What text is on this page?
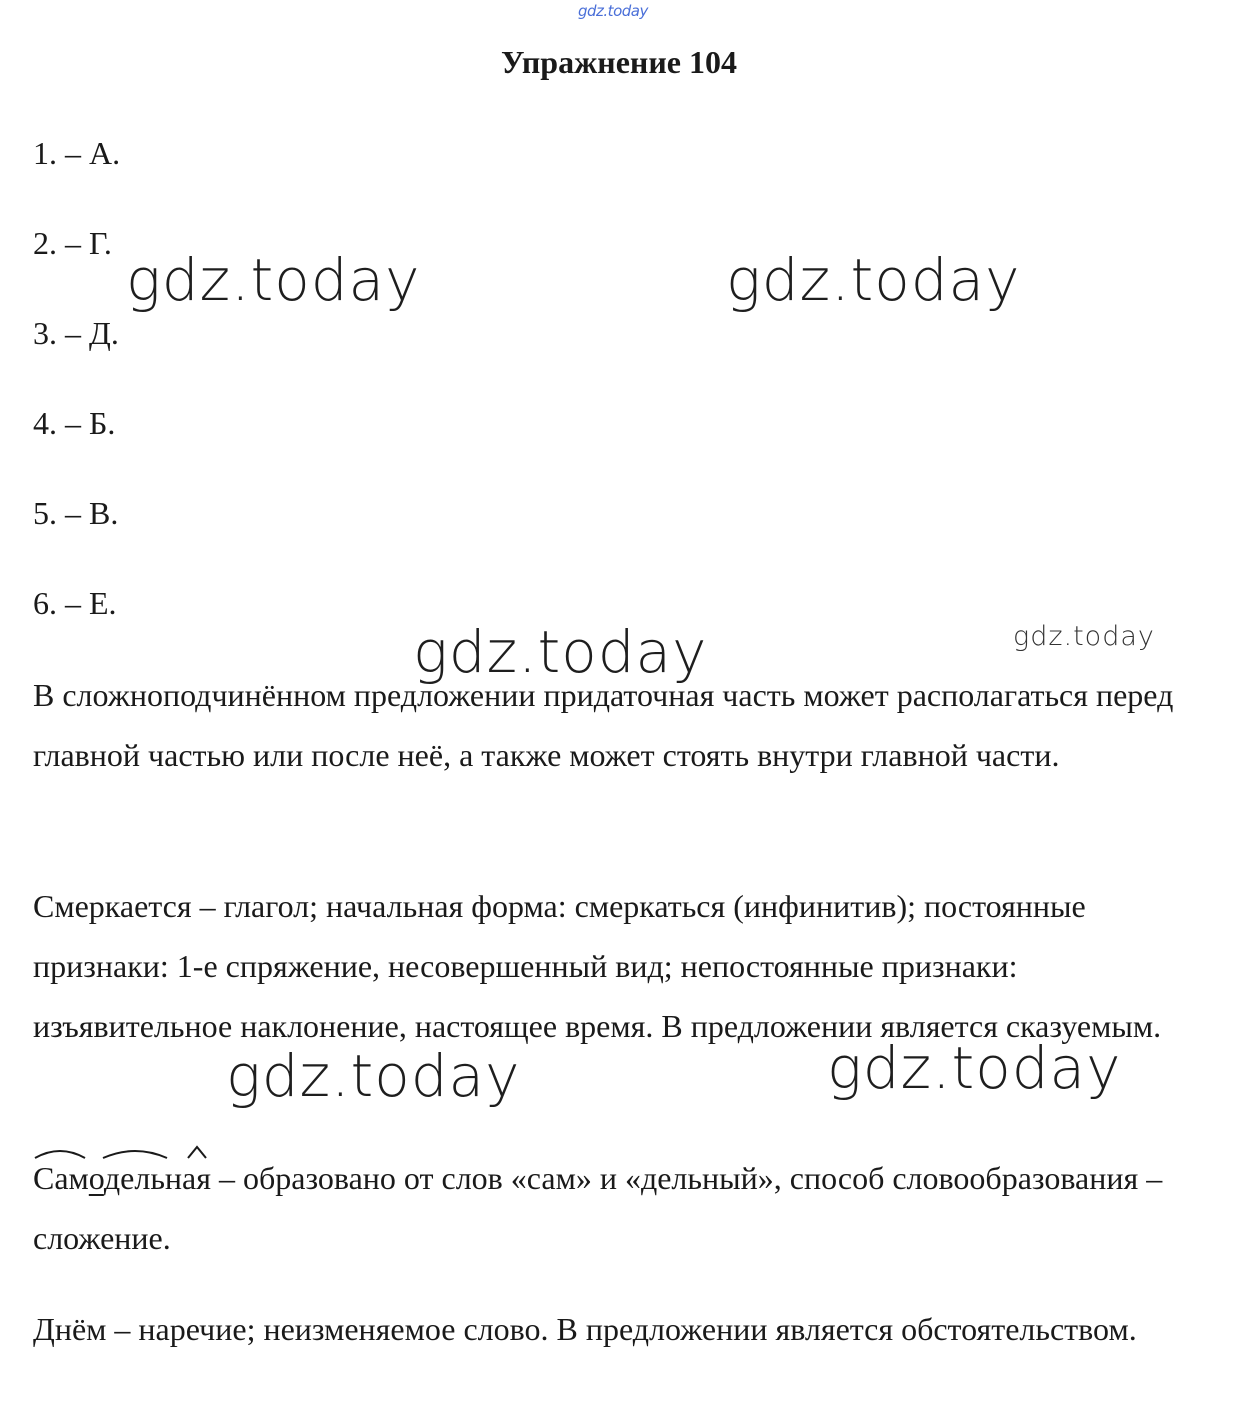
gdz.today
Упражнение 104
1. – А.
2. – Г.
3. – Д.
4. – Б.
5. – В.
6. – Е.
В сложноподчинённом предложении придаточная часть может располагаться перед главной частью или после неё, а также может стоять внутри главной части.
Смеркается – глагол; начальная форма: смеркаться (инфинитив); постоянные признаки: 1-е спряжение, несовершенный вид; непостоянные признаки: изъявительное наклонение, настоящее время. В предложении является сказуемым.
Самодельная – образовано от слов «сам» и «дельный», способ словообразования – сложение.
Днём – наречие; неизменяемое слово. В предложении является обстоятельством.
gdz.today	gdz.today
gdz.today	gdz.today
gdz.today	gdz.today
